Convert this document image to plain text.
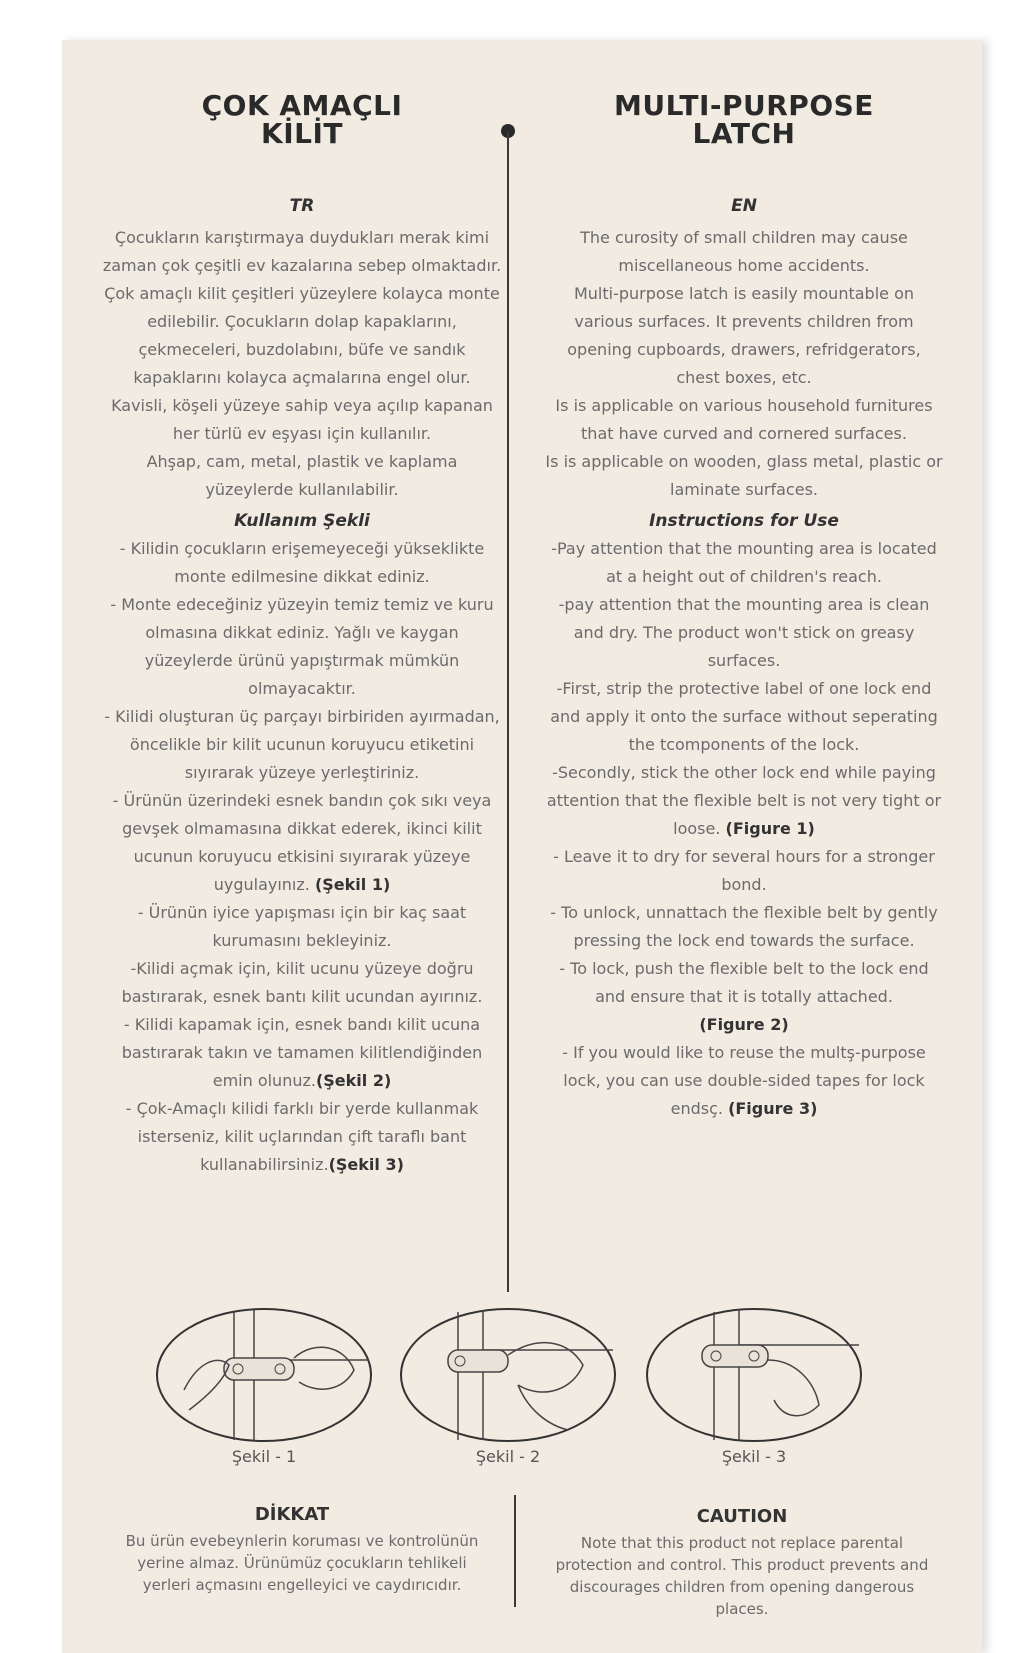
ÇOK AMAÇLI
KİLİT
TR

Çocukların karıştırmaya duydukları merak kimi zaman çok çeşitli ev kazalarına sebep olmaktadır.

Çok amaçlı kilit çeşitleri yüzeylere kolayca monte edilebilir. Çocukların dolap kapaklarını, çekmeceleri, buzdolabını, büfe ve sandık kapaklarını kolayca açmalarına engel olur.

Kavisli, köşeli yüzeye sahip veya açılıp kapanan her türlü ev eşyası için kullanılır.

Ahşap, cam, metal, plastik ve kaplama yüzeylerde kullanılabilir.

Kullanım Şekli

- Kilidin çocukların erişemeyeceği yükseklikte monte edilmesine dikkat ediniz.

- Monte edeceğiniz yüzeyin temiz temiz ve kuru olmasına dikkat ediniz. Yağlı ve kaygan yüzeylerde ürünü yapıştırmak mümkün olmayacaktır.

- Kilidi oluşturan üç parçayı birbiriden ayırmadan, öncelikle bir kilit ucunun koruyucu etiketini sıyırarak yüzeye yerleştiriniz.

- Ürünün üzerindeki esnek bandın çok sıkı veya gevşek olmamasına dikkat ederek, ikinci kilit ucunun koruyucu etkisini sıyırarak yüzeye uygulayınız. (Şekil 1)

- Ürünün iyice yapışması için bir kaç saat kurumasını bekleyiniz.

-Kilidi açmak için, kilit ucunu yüzeye doğru bastırarak, esnek bantı kilit ucundan ayırınız.

- Kilidi kapamak için, esnek bandı kilit ucuna bastırarak takın ve tamamen kilitlendiğinden emin olunuz.(Şekil 2)

- Çok-Amaçlı kilidi farklı bir yerde kullanmak isterseniz, kilit uçlarından çift taraflı bant kullanabilirsiniz.(Şekil 3)

MULTI-PURPOSE
LATCH
EN

The curosity of small children may cause miscellaneous home accidents.

Multi-purpose latch is easily mountable on various surfaces. It prevents children from opening cupboards, drawers, refridgerators, chest boxes, etc.

Is is applicable on various household furnitures that have curved and cornered surfaces.

Is is applicable on wooden, glass metal, plastic or laminate surfaces.

Instructions for Use

-Pay attention that the mounting area is located at a height out of children's reach.

-pay attention that the mounting area is clean and dry. The product won't stick on greasy surfaces.

-First, strip the protective label of one lock end and apply it onto the surface without seperating the tcomponents of the lock.

-Secondly, stick the other lock end while paying attention that the flexible belt is not very tight or loose. (Figure 1)

- Leave it to dry for several hours for a stronger bond.

- To unlock, unnattach the flexible belt by gently pressing the lock end towards the surface.

- To lock, push the flexible belt to the lock end and ensure that it is totally attached.

(Figure 2)

- If you would like to reuse the multş-purpose lock, you can use double-sided tapes for lock endsç. (Figure 3)

Şekil - 1	Şekil - 2	Şekil - 3
DİKKAT
Bu ürün evebeynlerin koruması ve kontrolünün yerine almaz. Ürünümüz çocukların tehlikeli yerleri açmasını engelleyici ve caydırıcıdır.
CAUTION
Note that this product not replace parental protection and control. This product prevents and discourages children from opening dangerous places.
